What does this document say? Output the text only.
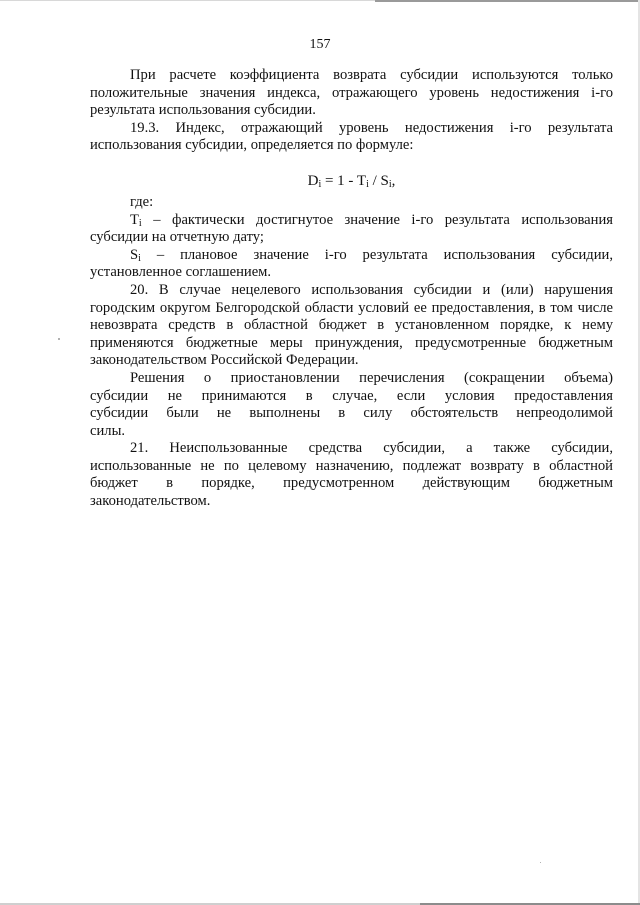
157

При расчете коэффициента возврата субсидии используются только положительные значения индекса, отражающего уровень недостижения i-го результата использования субсидии.

19.3. Индекс, отражающий уровень недостижения i-го результата использования субсидии, определяется по формуле:

$D_i = 1 - T_i / S_i$,

где:

$T_i$ – фактически достигнутое значение i-го результата использования субсидии на отчетную дату;

$S_i$ – плановое значение i-го результата использования субсидии, установленное соглашением.

20. В случае нецелевого использования субсидии и (или) нарушения городским округом Белгородской области условий ее предоставления, в том числе невозврата средств в областной бюджет в установленном порядке, к нему применяются бюджетные меры принуждения, предусмотренные бюджетным законодательством Российской Федерации.

Решения о приостановлении перечисления (сокращении объема) субсидии не принимаются в случае, если условия предоставления субсидии были не выполнены в силу обстоятельств непреодолимой силы.

21. Неиспользованные средства субсидии, а также субсидии, использованные не по целевому назначению, подлежат возврату в областной бюджет в порядке, предусмотренном действующим бюджетным законодательством.
